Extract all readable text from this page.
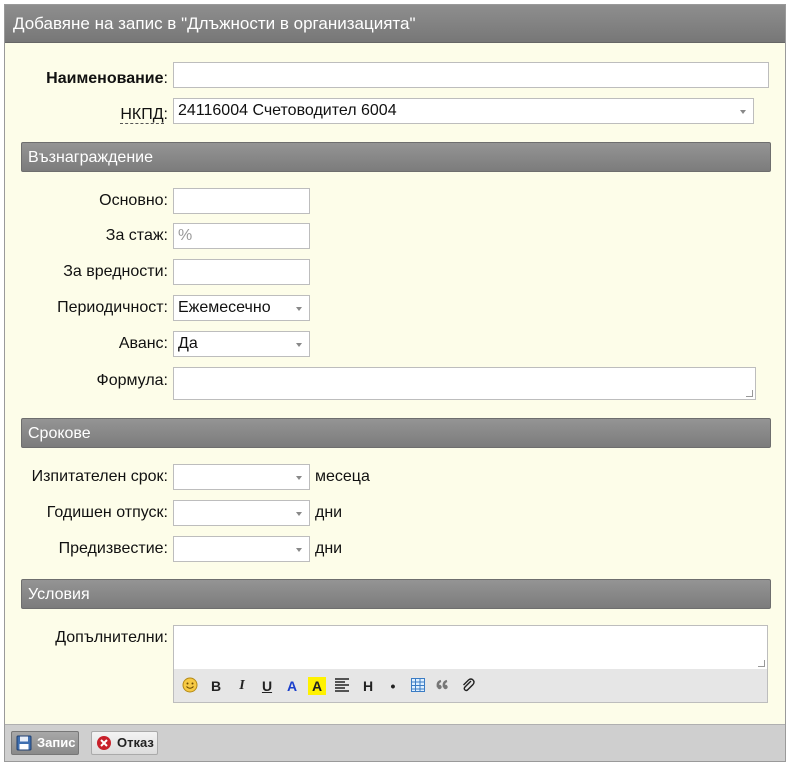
Добавяне на запис в "Длъжности в организацията"
Наименование:
НКПД: 24116004 Счетоводител 6004
Възнаграждение
Основно:
За стаж: %
За вредности:
Периодичност: Ежемесечно
Аванс: Да
Формула:
Срокове
Изпитателен срок:	месеца
Годишен отпуск:	дни
Предизвестие:	дни
Условия
Допълнителни:
B	I	U A A	H	•
Запис	Отказ
